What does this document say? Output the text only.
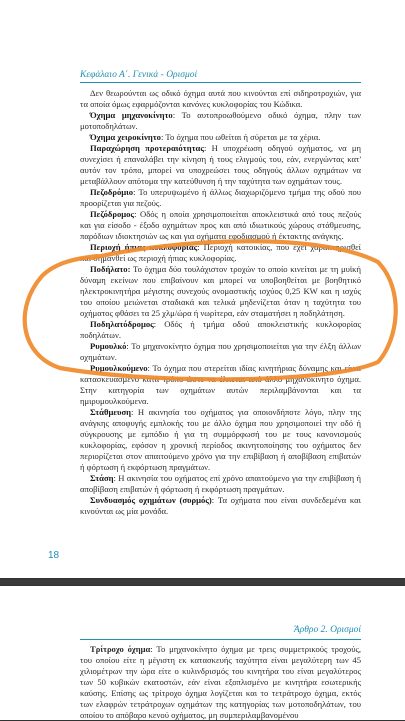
Κεφάλαιο Α΄. Γενικά - Ορισμοί

Δεν θεωρούνται ως οδικό όχημα αυτά που κινούνται επί σιδηροτροχιών, για τα οποία όμως εφαρμόζονται κανόνες κυκλοφορίας του Κώδικα.

Όχημα μηχανοκίνητο: Το αυτοπροωθούμενο οδικό όχημα, πλην των μοτοποδηλάτων.

Όχημα χειροκίνητο: Το όχημα που ωθείται ή σύρεται με τα χέρια.

Παραχώρηση προτεραιότητας: Η υποχρέωση οδηγού οχήματος, να μη συνεχίσει ή επαναλάβει την κίνηση ή τους ελιγμούς του, εάν, ενεργώντας κατ' αυτόν τον τρόπο, μπορεί να υποχρεώσει τους οδηγούς άλλων οχημάτων να μεταβάλλουν απότομα την κατεύθυνση ή την ταχύτητα των οχημάτων τους.

Πεζοδρόμιο: Το υπερυψωμένο ή άλλως διαχωριζόμενο τμήμα της οδού που προορίζεται για πεζούς.

Πεζόδρομος: Οδός η οποία χρησιμοποιείται αποκλειστικά από τους πεζούς και για είσοδο - έξοδο οχημάτων προς και από ιδιωτικούς χώρους στάθμευσης, παρόδιων ιδιοκτησιών ως και για οχήματα εφοδιασμού ή έκτακτης ανάγκης.

Περιοχή ήπιας κυκλοφορίας: Περιοχή κατοικίας, που έχει χαρακτηρισθεί και σημανθεί ως περιοχή ήπιας κυκλοφορίας.

Ποδήλατο: Το όχημα δύο τουλάχιστον τροχών το οποίο κινείται με τη μυϊκή δύναμη εκείνων που επιβαίνουν και μπορεί να υποβοηθείται με βοηθητικό ηλεκτροκινητήρα μέγιστης συνεχούς ονομαστικής ισχύος 0,25 KW και η ισχύς του οποίου μειώνεται σταδιακά και τελικά μηδενίζεται όταν η ταχύτητα του οχήματος φθάσει τα 25 χλμ/ώρα ή νωρίτερα, εάν σταματήσει η ποδηλάτηση.

Ποδηλατόδρομος: Οδός ή τμήμα οδού αποκλειστικής κυκλοφορίας ποδηλάτων.

Ρυμουλκό: Το μηχανοκίνητο όχημα που χρησιμοποιείται για την έλξη άλλων οχημάτων.

Ρυμουλκούμενο: Το όχημα που στερείται ιδίας κινητήριας δύναμης και είναι κατασκευασμένο κατά τρόπο ώστε να έλκεται από άλλο μηχανοκίνητο όχημα. Στην κατηγορία των οχημάτων αυτών περιλαμβάνονται και τα ημιρυμουλκούμενα.

Στάθμευση: Η ακινησία του οχήματος για οποιονδήποτε λόγο, πλην της ανάγκης αποφυγής εμπλοκής του με άλλο όχημα που χρησιμοποιεί την οδό ή σύγκρουσης με εμπόδιο ή για τη συμμόρφωσή του με τους κανονισμούς κυκλοφορίας, εφόσον η χρονική περίοδος ακινητοποίησης του οχήματος δεν περιορίζεται στον απαιτούμενο χρόνο για την επιβίβαση ή αποβίβαση επιβατών ή φόρτωση ή εκφόρτωση πραγμάτων.

Στάση: Η ακινησία του οχήματος επί χρόνο απαιτούμενο για την επιβίβαση ή αποβίβαση επιβατών ή φόρτωση ή εκφόρτωση πραγμάτων.

Συνδυασμός οχημάτων (συρμός): Τα οχήματα που είναι συνδεδεμένα και κινούνται ως μία μονάδα.

18
Άρθρο 2. Ορισμοί

Τρίτροχο όχημα: Το μηχανοκίνητο όχημα με τρεις συμμετρικούς τροχούς, του οποίου είτε η μέγιστη εκ κατασκευής ταχύτητα είναι μεγαλύτερη των 45 χιλιομέτρων την ώρα είτε ο κυλινδρισμός του κινητήρα του είναι μεγαλύτερος των 50 κυβικών εκατοστών, εάν είναι εξοπλισμένο με κινητήρα εσωτερικής καύσης. Επίσης ως τρίτροχο όχημα λογίζεται και το τετράτροχο όχημα, εκτός των ελαφρών τετράτροχων οχημάτων της κατηγορίας των μοτοποδηλάτων, του οποίου το απόβαρο κενού οχήματος, μη συμπεριλαμβανομένου
